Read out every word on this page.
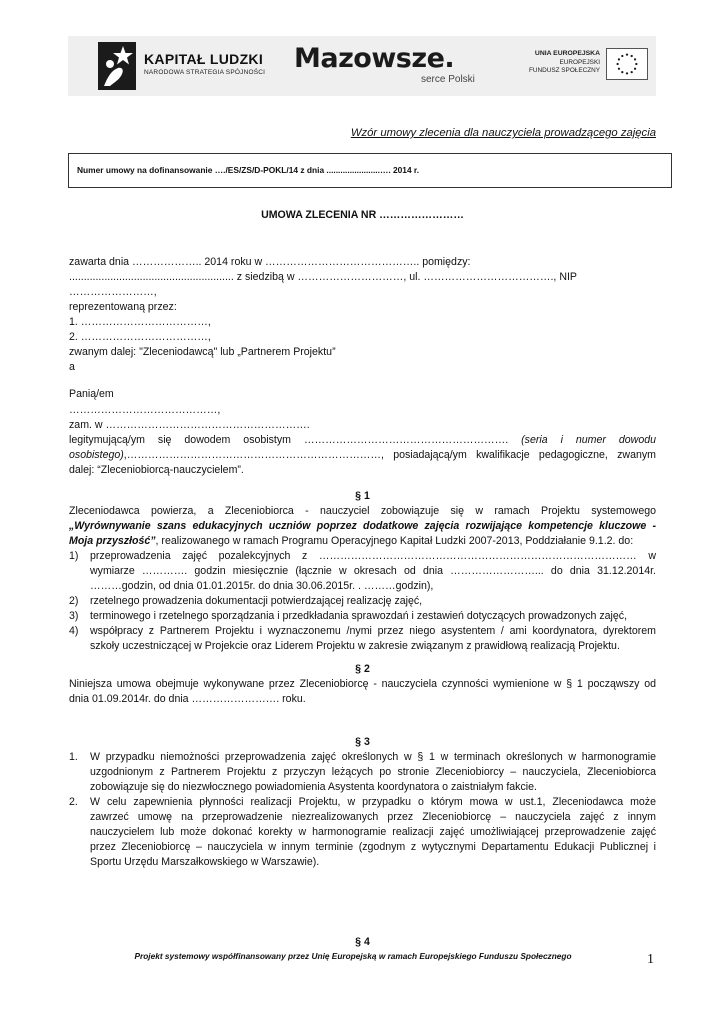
KAPITAŁ LUDZKI
NARODOWA STRATEGIA SPÓJNOŚCI Mazowsze.
serce Polski
UNIA EUROPEJSKA
EUROPEJSKI
FUNDUSZ SPOŁECZNY
Wzór umowy zlecenia dla nauczyciela prowadzącego zajęcia
Numer umowy na dofinansowanie …./ES/ZS/D-POKL/14 z dnia .......................…. 2014 r.
UMOWA ZLECENIA NR ……………………
zawarta dnia ……………….. 2014 roku w …………………………………….. pomiędzy:
........................................................ z siedzibą w …………………………, ul. ………………………………., NIP
……………………,
reprezentowaną przez:
1. ………………………………,
2. ………………………………,
zwanym dalej: "Zleceniodawcą" lub „Partnerem Projektu”
a
Panią/em
……………………………………,
zam. w ………………………………………………….
legitymującą/ym się dowodem osobistym …………………………………………………. (seria i numer dowodu
osobistego),………………………………………………………………, posiadającą/ym kwalifikacje pedagogiczne, zwanym
dalej: “Zleceniobiorcą-nauczycielem”.
§ 1
Zleceniodawca powierza, a Zleceniobiorca - nauczyciel zobowiązuje się w ramach Projektu systemowego
„Wyrównywanie szans edukacyjnych uczniów poprzez dodatkowe zajęcia rozwijające kompetencje kluczowe -
Moja przyszłość”, realizowanego w ramach Programu Operacyjnego Kapitał Ludzki 2007-2013, Poddziałanie 9.1.2. do:
1) przeprowadzenia zajęć pozalekcyjnych z ……………………………………………………………………………… w
wymiarze …………. godzin miesięcznie (łącznie w okresach od dnia ……………………... do dnia 31.12.2014r.
………godzin, od dnia 01.01.2015r. do dnia 30.06.2015r. . ………godzin),
2) rzetelnego prowadzenia dokumentacji potwierdzającej realizację zajęć,
3) terminowego i rzetelnego sporządzania i przedkładania sprawozdań i zestawień dotyczących prowadzonych zajęć,
4) współpracy z Partnerem Projektu i wyznaczonemu /nymi przez niego asystentem / ami koordynatora, dyrektorem
szkoły uczestniczącej w Projekcie oraz Liderem Projektu w zakresie związanym z prawidłową realizacją Projektu.
§ 2
Niniejsza umowa obejmuje wykonywane przez Zleceniobiorcę - nauczyciela czynności wymienione w § 1 począwszy od
dnia 01.09.2014r. do dnia ……………………. roku.
§ 3
1. W przypadku niemożności przeprowadzenia zajęć określonych w § 1 w terminach określonych w harmonogramie
uzgodnionym z Partnerem Projektu z przyczyn leżących po stronie Zleceniobiorcy – nauczyciela, Zleceniobiorca
zobowiązuje się do niezwłocznego powiadomienia Asystenta koordynatora o zaistniałym fakcie.
2. W celu zapewnienia płynności realizacji Projektu, w przypadku o którym mowa w ust.1, Zleceniodawca może
zawrzeć umowę na przeprowadzenie niezrealizowanych przez Zleceniobiorcę – nauczyciela zajęć z innym
nauczycielem lub może dokonać korekty w harmonogramie realizacji zajęć umożliwiającej przeprowadzenie zajęć
przez Zleceniobiorcę – nauczyciela w innym terminie (zgodnym z wytycznymi Departamentu Edukacji Publicznej i
Sportu Urzędu Marszałkowskiego w Warszawie).
§ 4
Projekt systemowy współfinansowany przez Unię Europejską w ramach Europejskiego Funduszu Społecznego	1
